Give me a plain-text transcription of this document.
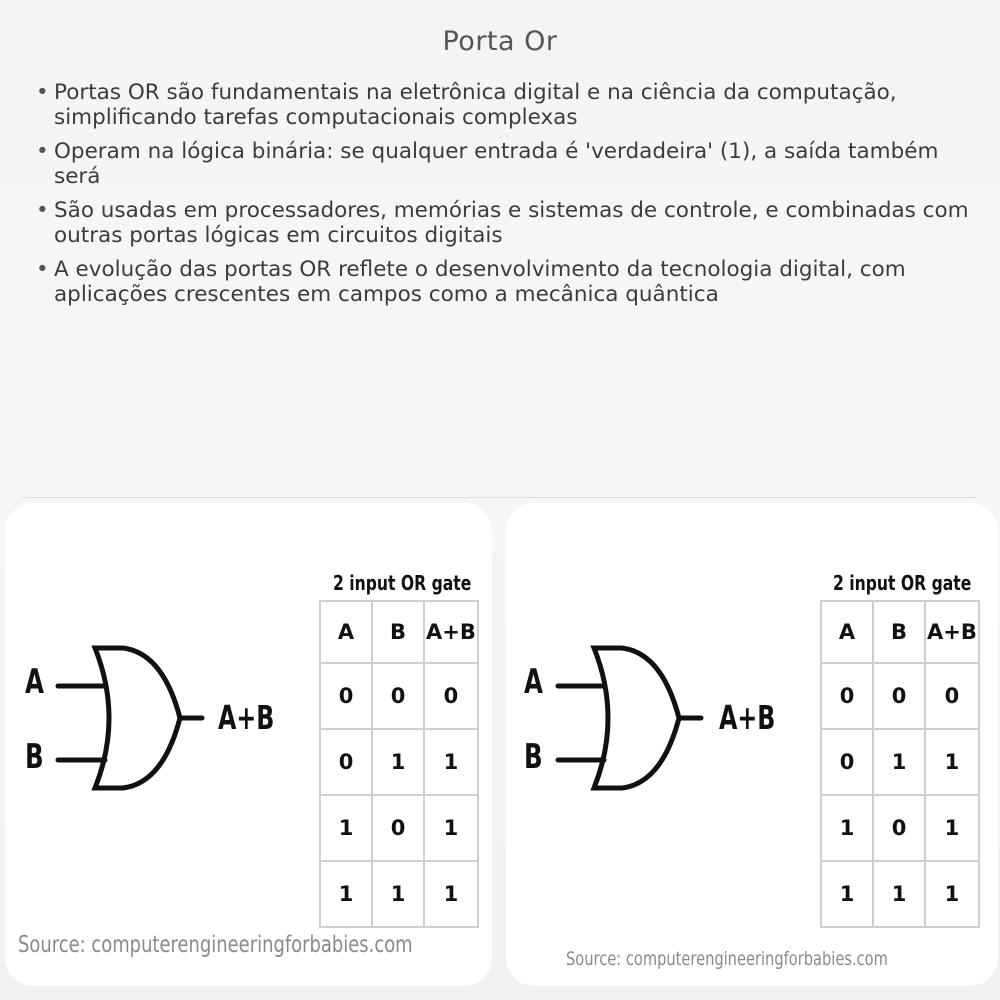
Porta Or
• Portas OR são fundamentais na eletrônica digital e na ciência da computação, simplificando tarefas computacionais complexas
• Operam na lógica binária: se qualquer entrada é 'verdadeira' (1), a saída também será
• São usadas em processadores, memórias e sistemas de controle, e combinadas com outras portas lógicas em circuitos digitais
• A evolução das portas OR reflete o desenvolvimento da tecnologia digital, com aplicações crescentes em campos como a mecânica quântica
A
B
A+B
2 input OR gate
A	B	A+B
0	0	0
0	1	1
1	0	1
1	1	1
Source: computerengineeringforbabies.com
A
B
A+B
2 input OR gate
A	B	A+B
0	0	0
0	1	1
1	0	1
1	1	1
Source: computerengineeringforbabies.com
